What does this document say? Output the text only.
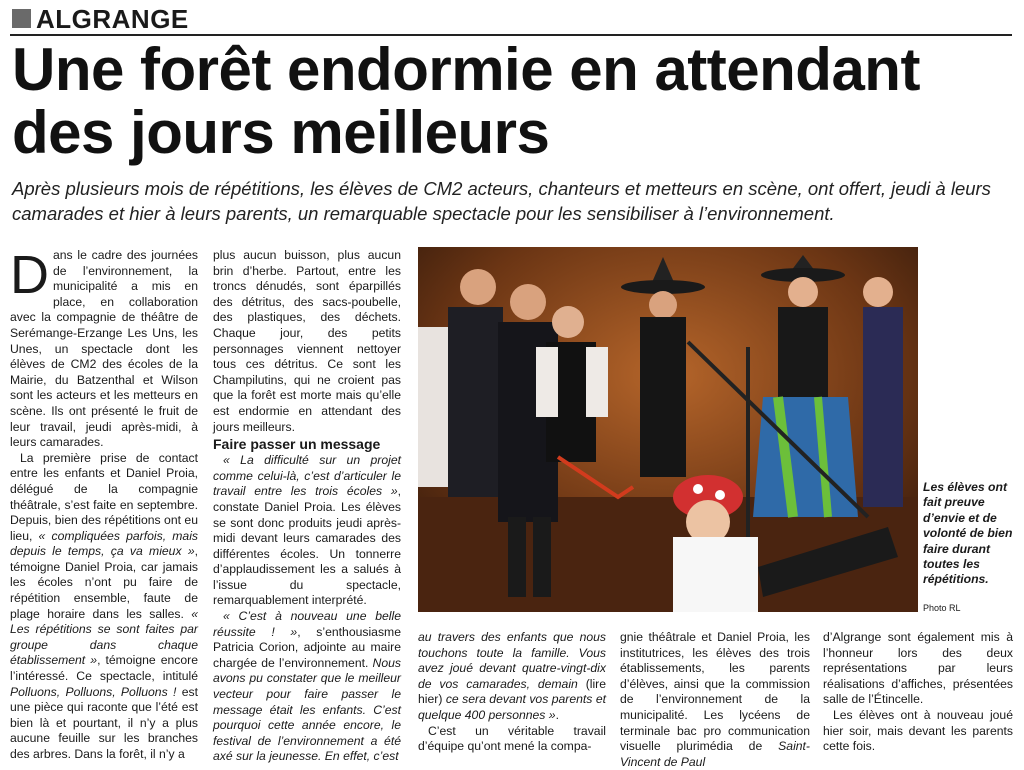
ALGRANGE
Une forêt endormie en attendant des jours meilleurs
Après plusieurs mois de répétitions, les élèves de CM2 acteurs, chanteurs et metteurs en scène, ont offert, jeudi à leurs camarades et hier à leurs parents, un remarquable spectacle pour les sensibiliser à l’environnement.

Dans le cadre des journées de l’environnement, la municipalité a mis en place, en collaboration avec la compagnie de théâtre de Serémange-Erzange Les Uns, les Unes, un spectacle dont les élèves de CM2 des écoles de la Mairie, du Batzenthal et Wilson sont les acteurs et les metteurs en scène. Ils ont présenté le fruit de leur travail, jeudi après-midi, à leurs camarades.

La première prise de contact entre les enfants et Daniel Proia, délégué de la compagnie théâtrale, s’est faite en septembre. Depuis, bien des répétitions ont eu lieu, « compliquées parfois, mais depuis le temps, ça va mieux », témoigne Daniel Proia, car jamais les écoles n’ont pu faire de répétition ensemble, faute de plage horaire dans les salles. « Les répétitions se sont faites par groupe dans chaque établissement », témoigne encore l’intéressé. Ce spectacle, intitulé Polluons, Polluons, Polluons ! est une pièce qui raconte que l’été est bien là et pourtant, il n’y a plus aucune feuille sur les branches des arbres. Dans la forêt, il n’y a

plus aucun buisson, plus aucun brin d’herbe. Partout, entre les troncs dénudés, sont éparpillés des détritus, des sacs-poubelle, des plastiques, des déchets. Chaque jour, des petits personnages viennent nettoyer tous ces détritus. Ce sont les Champilutins, qui ne croient pas que la forêt est morte mais qu’elle est endormie en attendant des jours meilleurs.

Faire passer un message

« La difficulté sur un projet comme celui-là, c’est d’articuler le travail entre les trois écoles », constate Daniel Proia. Les élèves se sont donc produits jeudi après-midi devant leurs camarades des différentes écoles. Un tonnerre d’applaudissement les a salués à l’issue du spectacle, remarquablement interprété.

« C’est à nouveau une belle réussite ! », s’enthousiasme Patricia Corion, adjointe au maire chargée de l’environnement. Nous avons pu constater que le meilleur vecteur pour faire passer le message était les enfants. C’est pourquoi cette année encore, le festival de l’environnement a été axé sur la jeunesse. En effet, c’est

Les élèves ont fait preuve d’envie et de volonté de bien faire durant toutes les répétitions.
Photo RL

au travers des enfants que nous touchons toute la famille. Vous avez joué devant quatre-vingt-dix de vos camarades, demain (lire hier) ce sera devant vos parents et quelque 400 personnes ».

C’est un véritable travail d’équipe qu’ont mené la compa-

gnie théâtrale et Daniel Proia, les institutrices, les élèves des trois établissements, les parents d’élèves, ainsi que la commission de l’environnement de la municipalité. Les lycéens de terminale bac pro communication visuelle plurimédia de Saint-Vincent de Paul

d’Algrange sont également mis à l’honneur lors des deux représentations par leurs réalisations d’affiches, présentées salle de l’Étincelle.

Les élèves ont à nouveau joué hier soir, mais devant les parents cette fois.
